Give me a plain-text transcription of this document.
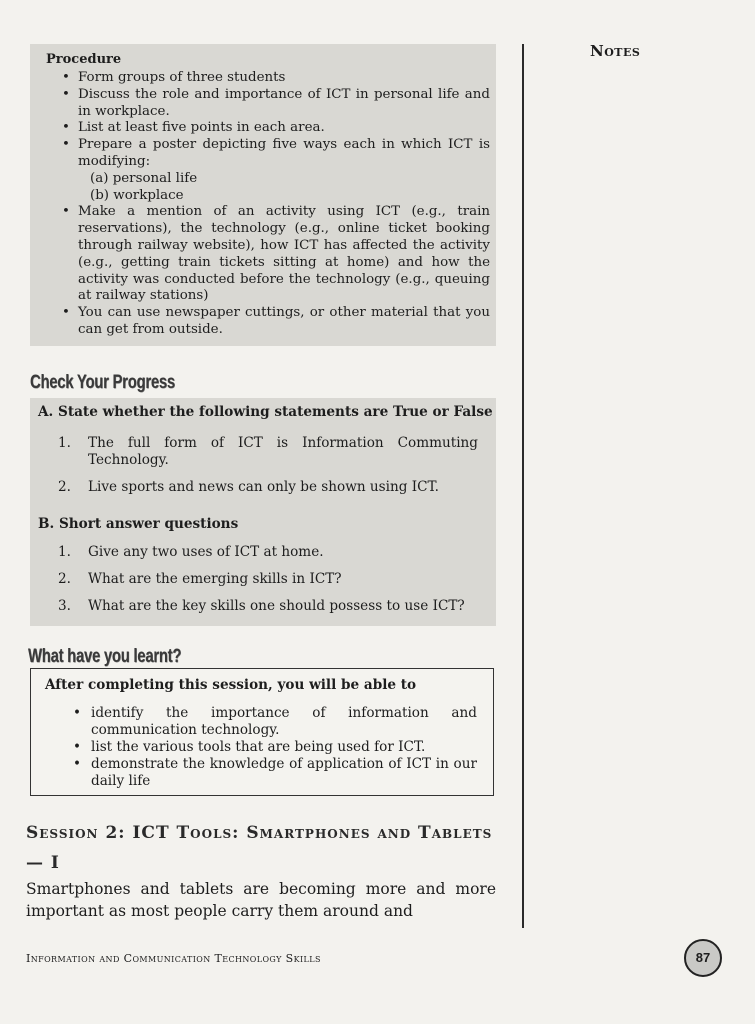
Notes
Procedure
• Form groups of three students
• Discuss the role and importance of ICT in personal life and in workplace.
• List at least five points in each area.
• Prepare a poster depicting five ways each in which ICT is modifying:
(a) personal life
(b) workplace
• Make a mention of an activity using ICT (e.g., train reservations), the technology (e.g., online ticket booking through railway website), how ICT has affected the activity (e.g., getting train tickets sitting at home) and how the activity was conducted before the technology (e.g., queuing at railway stations)
• You can use newspaper cuttings, or other material that you can get from outside.
Check Your Progress
A. State whether the following statements are True or False
1. The full form of ICT is Information Commuting Technology.
2. Live sports and news can only be shown using ICT.
B. Short answer questions
1. Give any two uses of ICT at home.
2. What are the emerging skills in ICT?
3. What are the key skills one should possess to use ICT?
What have you learnt?
After completing this session, you will be able to
• identify the importance of information and communication technology.
• list the various tools that are being used for ICT.
• demonstrate the knowledge of application of ICT in our daily life
Session 2: ICT Tools: Smartphones and Tablets — I
Smartphones and tablets are becoming more and more important as most people carry them around and
Information and Communication Technology Skills	87
